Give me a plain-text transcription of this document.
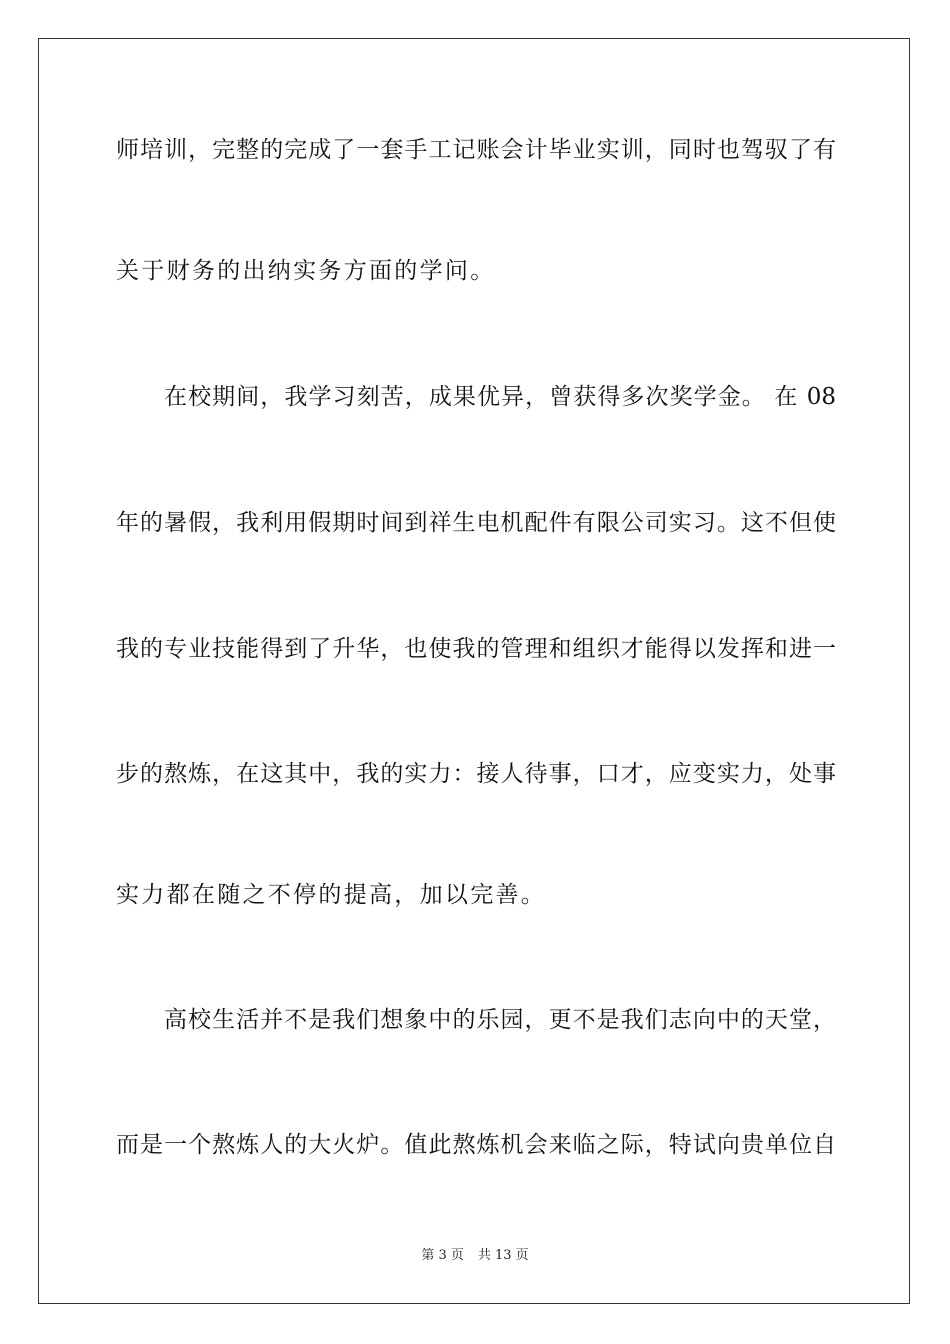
师培训，完整的完成了一套手工记账会计毕业实训，同时也驾驭了有
关于财务的出纳实务方面的学问。
在校期间，我学习刻苦，成果优异，曾获得多次奖学金。 在 08
年的暑假，我利用假期时间到祥生电机配件有限公司实习。这不但使
我的专业技能得到了升华，也使我的管理和组织才能得以发挥和进一
步的熬炼，在这其中，我的实力：接人待事，口才，应变实力，处事
实力都在随之不停的提高，加以完善。
高校生活并不是我们想象中的乐园，更不是我们志向中的天堂，
而是一个熬炼人的大火炉。值此熬炼机会来临之际，特试向贵单位自
第 3 页 共 13 页
